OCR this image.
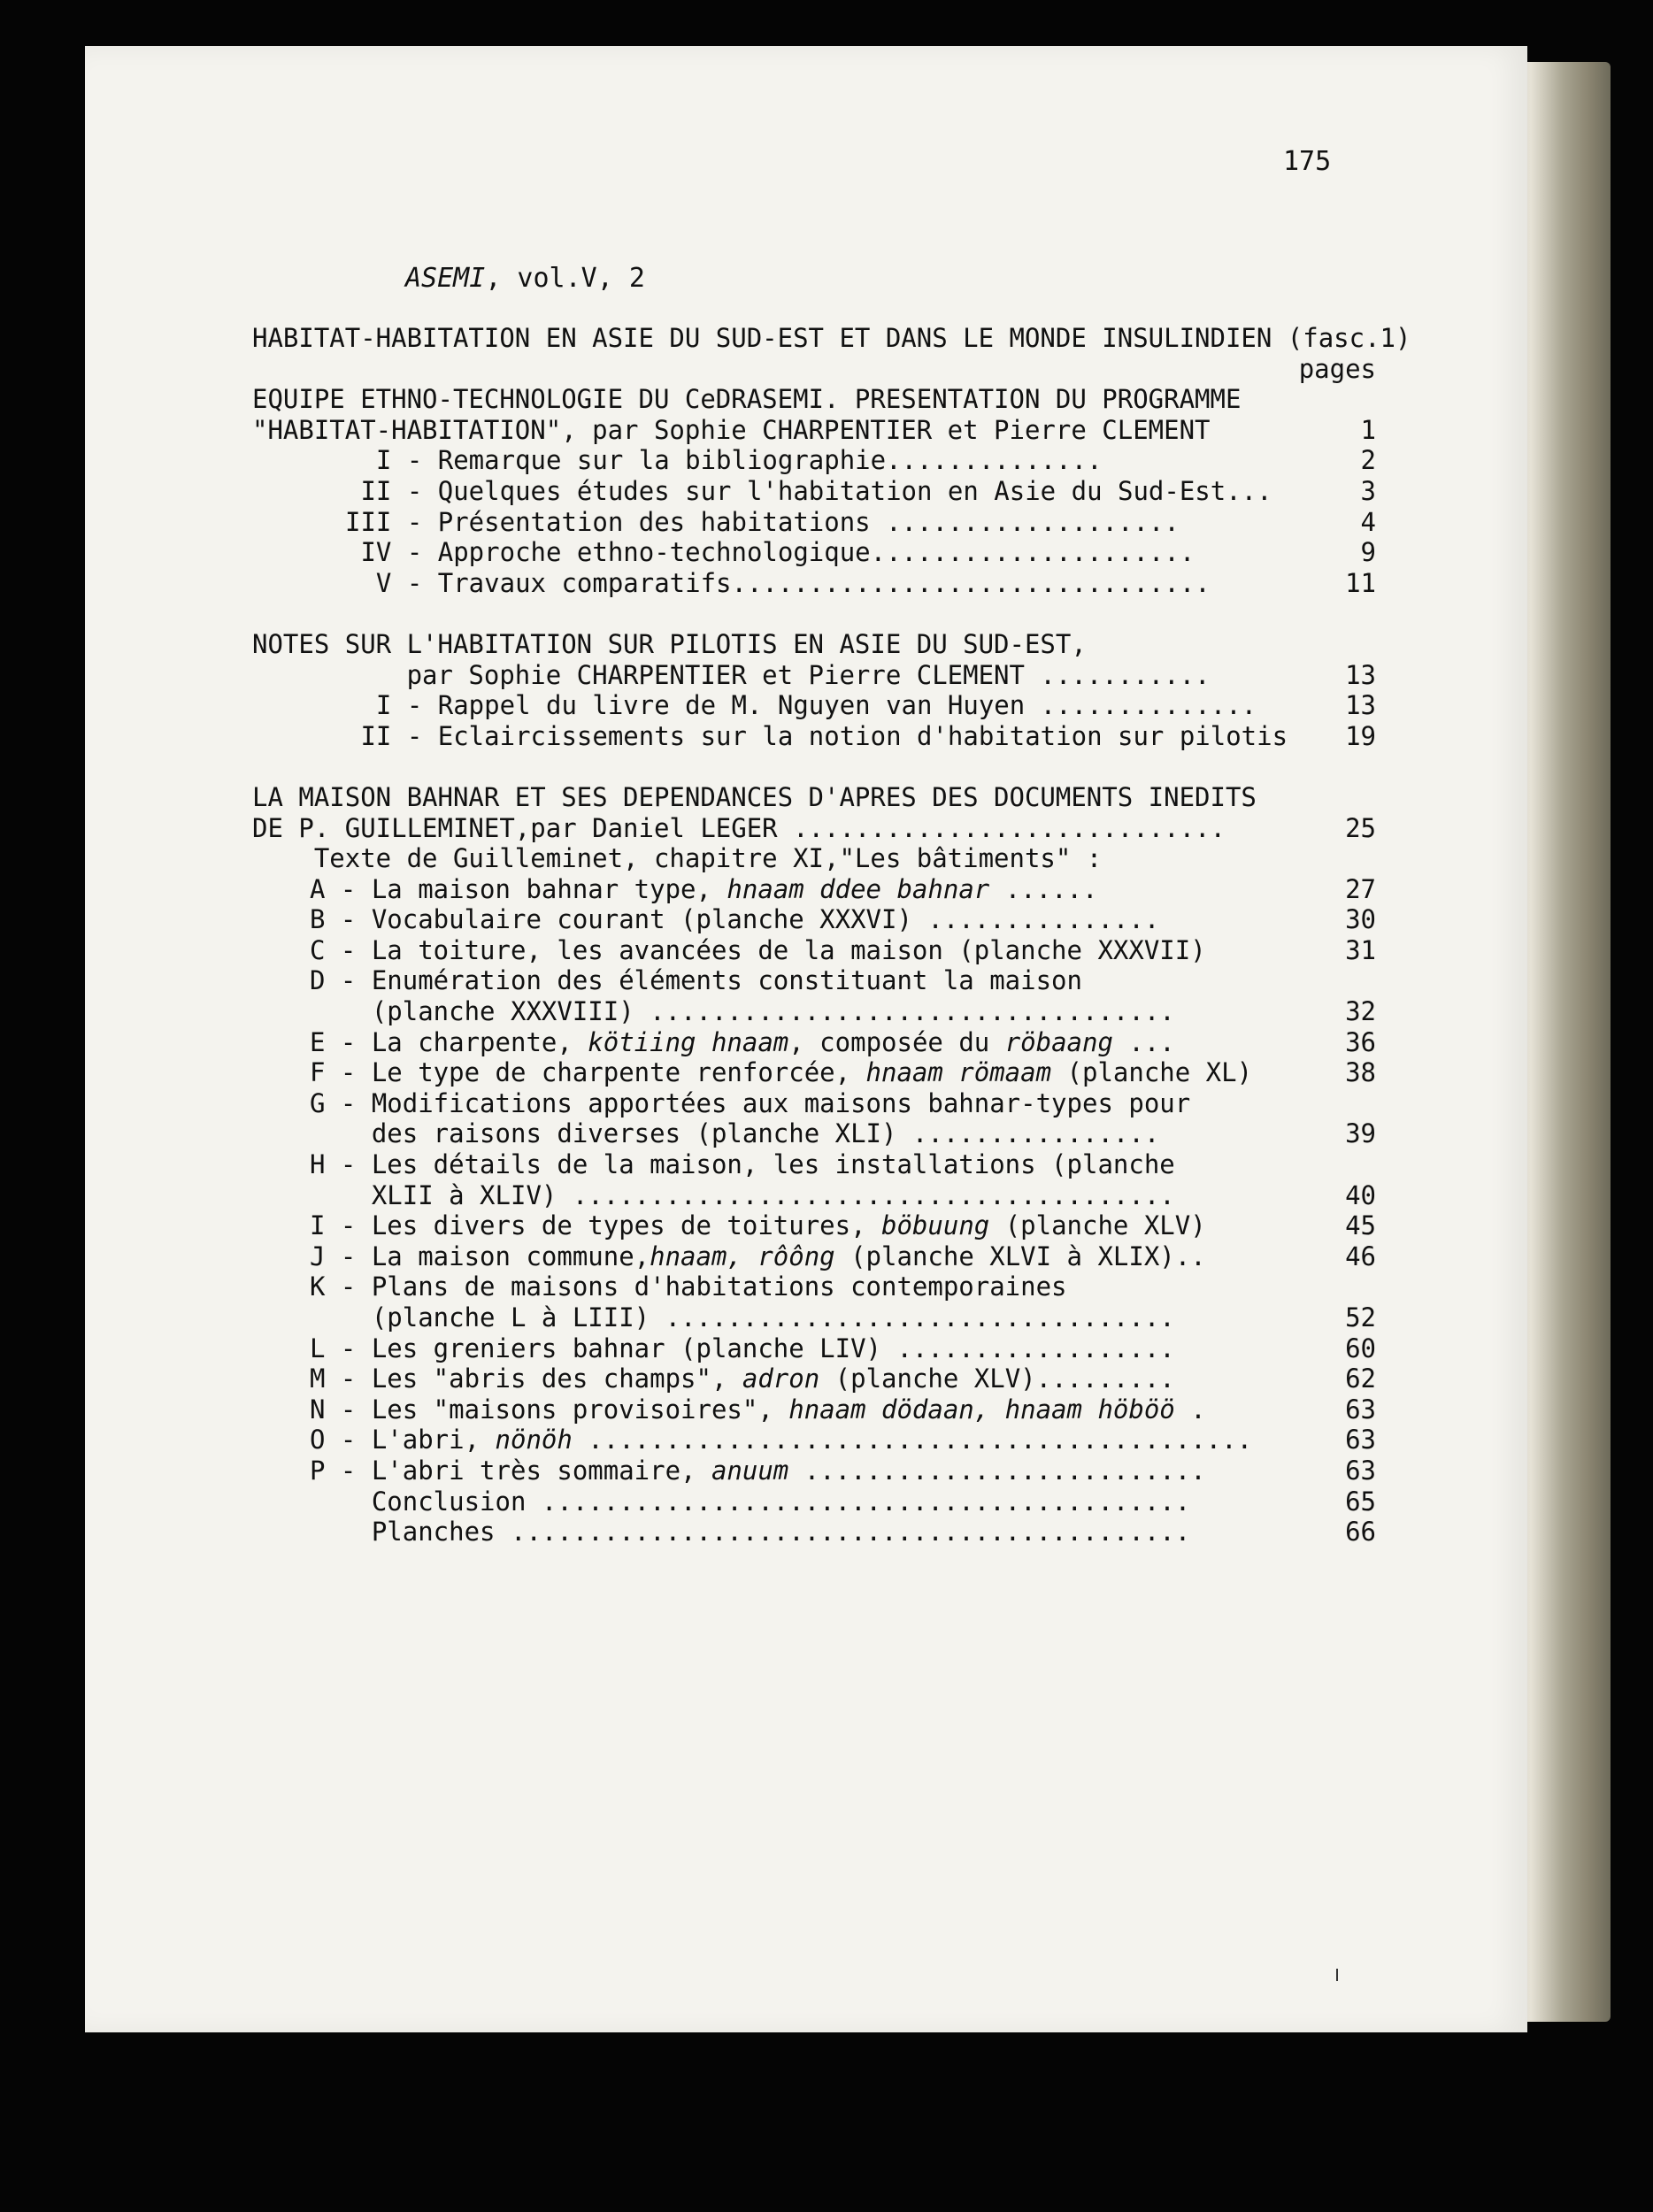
175
ASEMI, vol.V, 2
HABITAT-HABITATION EN ASIE DU SUD-EST ET DANS LE MONDE INSULINDIEN (fasc.1)
pages
EQUIPE ETHNO-TECHNOLOGIE DU CeDRASEMI. PRESENTATION DU PROGRAMME
"HABITAT-HABITATION", par Sophie CHARPENTIER et Pierre CLEMENT	1
I - Remarque sur la bibliographie..............	2
II - Quelques études sur l'habitation en Asie du Sud-Est...	3
III - Présentation des habitations ...................	4
IV - Approche ethno-technologique.....................	9
V - Travaux comparatifs...............................	11
NOTES SUR L'HABITATION SUR PILOTIS EN ASIE DU SUD-EST,
par Sophie CHARPENTIER et Pierre CLEMENT ...........	13
I - Rappel du livre de M. Nguyen van Huyen ..............	13
II - Eclaircissements sur la notion d'habitation sur pilotis	19
LA MAISON BAHNAR ET SES DEPENDANCES D'APRES DES DOCUMENTS INEDITS
DE P. GUILLEMINET,par Daniel LEGER ............................	25
Texte de Guilleminet, chapitre XI,"Les bâtiments" :
A - La maison bahnar type, hnaam ddee bahnar ......	27
B - Vocabulaire courant (planche XXXVI) ...............	30
C - La toiture, les avancées de la maison (planche XXXVII)	31
D - Enumération des éléments constituant la maison
(planche XXXVIII) ..................................	32
E - La charpente, kötiing hnaam, composée du röbaang ...	36
F - Le type de charpente renforcée, hnaam römaam (planche XL)	38
G - Modifications apportées aux maisons bahnar-types pour
des raisons diverses (planche XLI) ................	39
H - Les détails de la maison, les installations (planche
XLII à XLIV) .......................................	40
I - Les divers de types de toitures, böbuung (planche XLV)	45
J - La maison commune,hnaam, rôông (planche XLVI à XLIX)..	46
K - Plans de maisons d'habitations contemporaines
(planche L à LIII) .................................	52
L - Les greniers bahnar (planche LIV) ..................	60
M - Les "abris des champs", adron (planche XLV).........	62
N - Les "maisons provisoires", hnaam dödaan, hnaam höböö .	63
O - L'abri, nönöh ...........................................	63
P - L'abri très sommaire, anuum ..........................	63
Conclusion ..........................................	65
Planches ............................................	66
